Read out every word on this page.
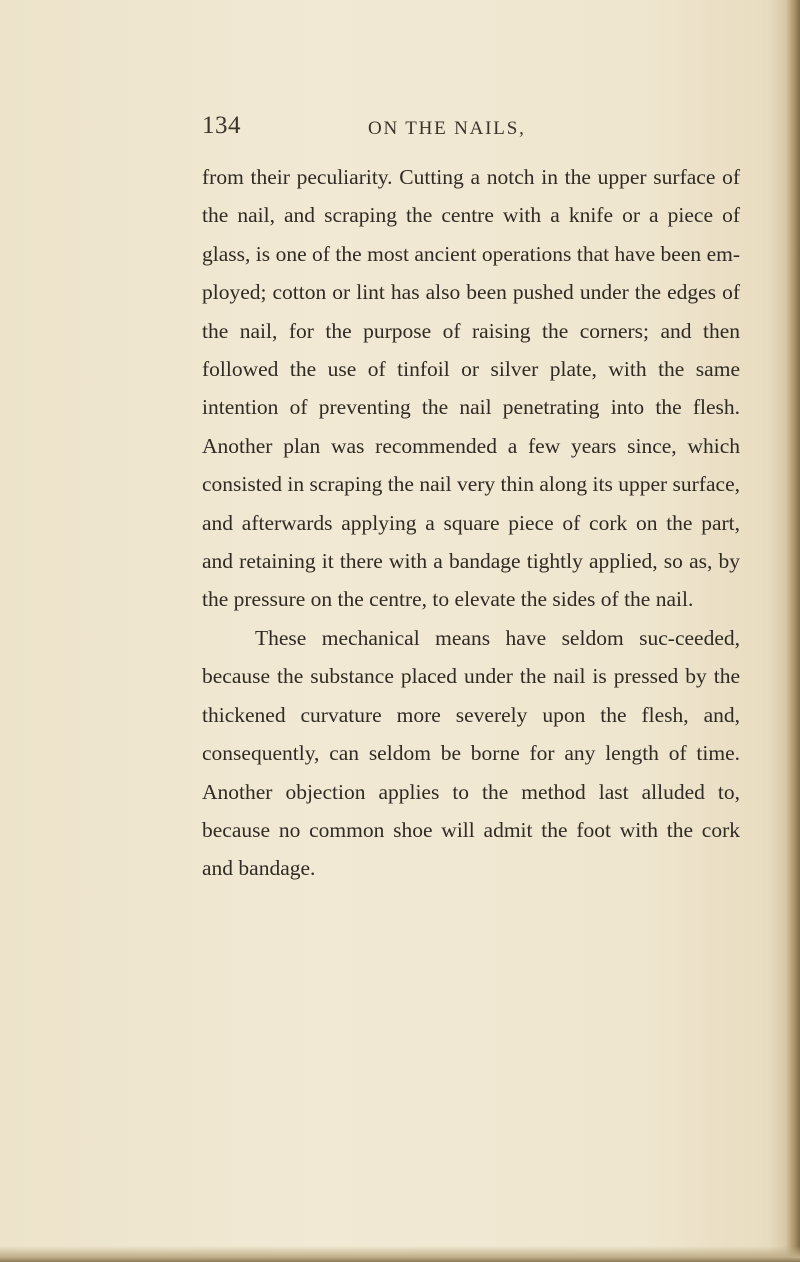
134	ON THE NAILS,

from their peculiarity. Cutting a notch in the upper surface of the nail, and scraping the centre with a knife or a piece of glass, is one of the most ancient operations that have been em-ployed; cotton or lint has also been pushed under the edges of the nail, for the purpose of raising the corners; and then followed the use of tinfoil or silver plate, with the same intention of preventing the nail penetrating into the flesh. Another plan was recommended a few years since, which consisted in scraping the nail very thin along its upper surface, and afterwards applying a square piece of cork on the part, and retaining it there with a bandage tightly applied, so as, by the pressure on the centre, to elevate the sides of the nail.

These mechanical means have seldom suc-ceeded, because the substance placed under the nail is pressed by the thickened curvature more severely upon the flesh, and, consequently, can seldom be borne for any length of time. Another objection applies to the method last alluded to, because no common shoe will admit the foot with the cork and bandage.
